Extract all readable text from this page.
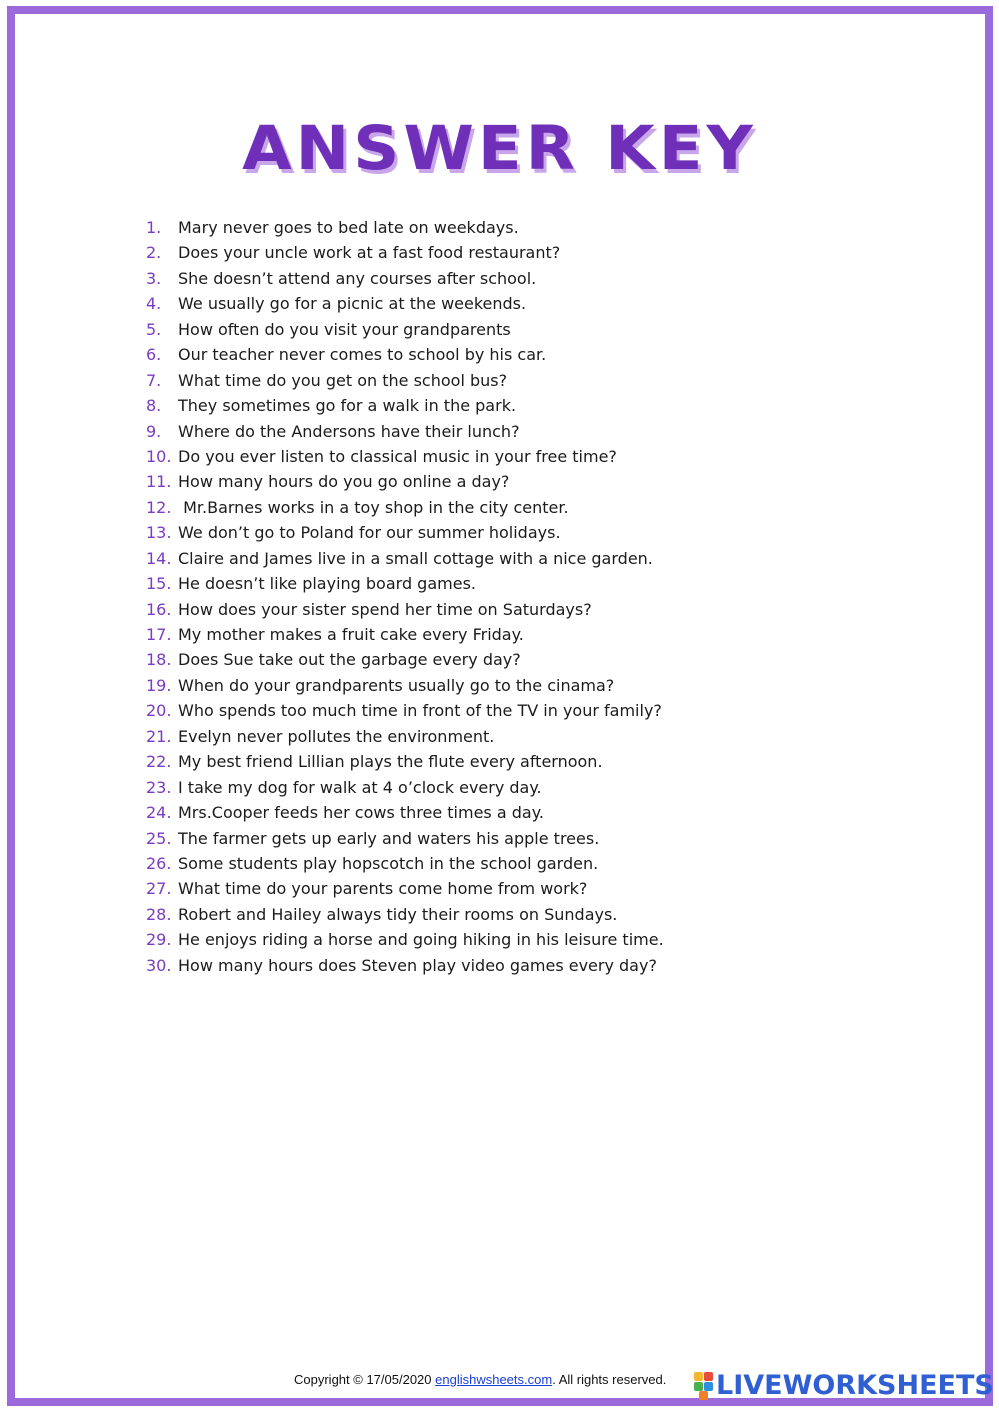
ANSWER KEY
1.	Mary never goes to bed late on weekdays.
2.	Does your uncle work at a fast food restaurant?
3.	She doesn’t attend any courses after school.
4.	We usually go for a picnic at the weekends.
5.	How often do you visit your grandparents
6.	Our teacher never comes to school by his car.
7.	What time do you get on the school bus?
8.	They sometimes go for a walk in the park.
9.	Where do the Andersons have their lunch?
10. Do you ever listen to classical music in your free time?
11. How many hours do you go online a day?
12. Mr.Barnes works in a toy shop in the city center.
13. We don’t go to Poland for our summer holidays.
14. Claire and James live in a small cottage with a nice garden.
15. He doesn’t like playing board games.
16. How does your sister spend her time on Saturdays?
17. My mother makes a fruit cake every Friday.
18. Does Sue take out the garbage every day?
19. When do your grandparents usually go to the cinama?
20. Who spends too much time in front of the TV in your family?
21. Evelyn never pollutes the environment.
22. My best friend Lillian plays the flute every afternoon.
23. I take my dog for walk at 4 o’clock every day.
24. Mrs.Cooper feeds her cows three times a day.
25. The farmer gets up early and waters his apple trees.
26. Some students play hopscotch in the school garden.
27. What time do your parents come home from work?
28. Robert and Hailey always tidy their rooms on Sundays.
29. He enjoys riding a horse and going hiking in his leisure time.
30. How many hours does Steven play video games every day?
Copyright © 17/05/2020 englishwsheets.com. All rights reserved. LIVEWORKSHEETS
